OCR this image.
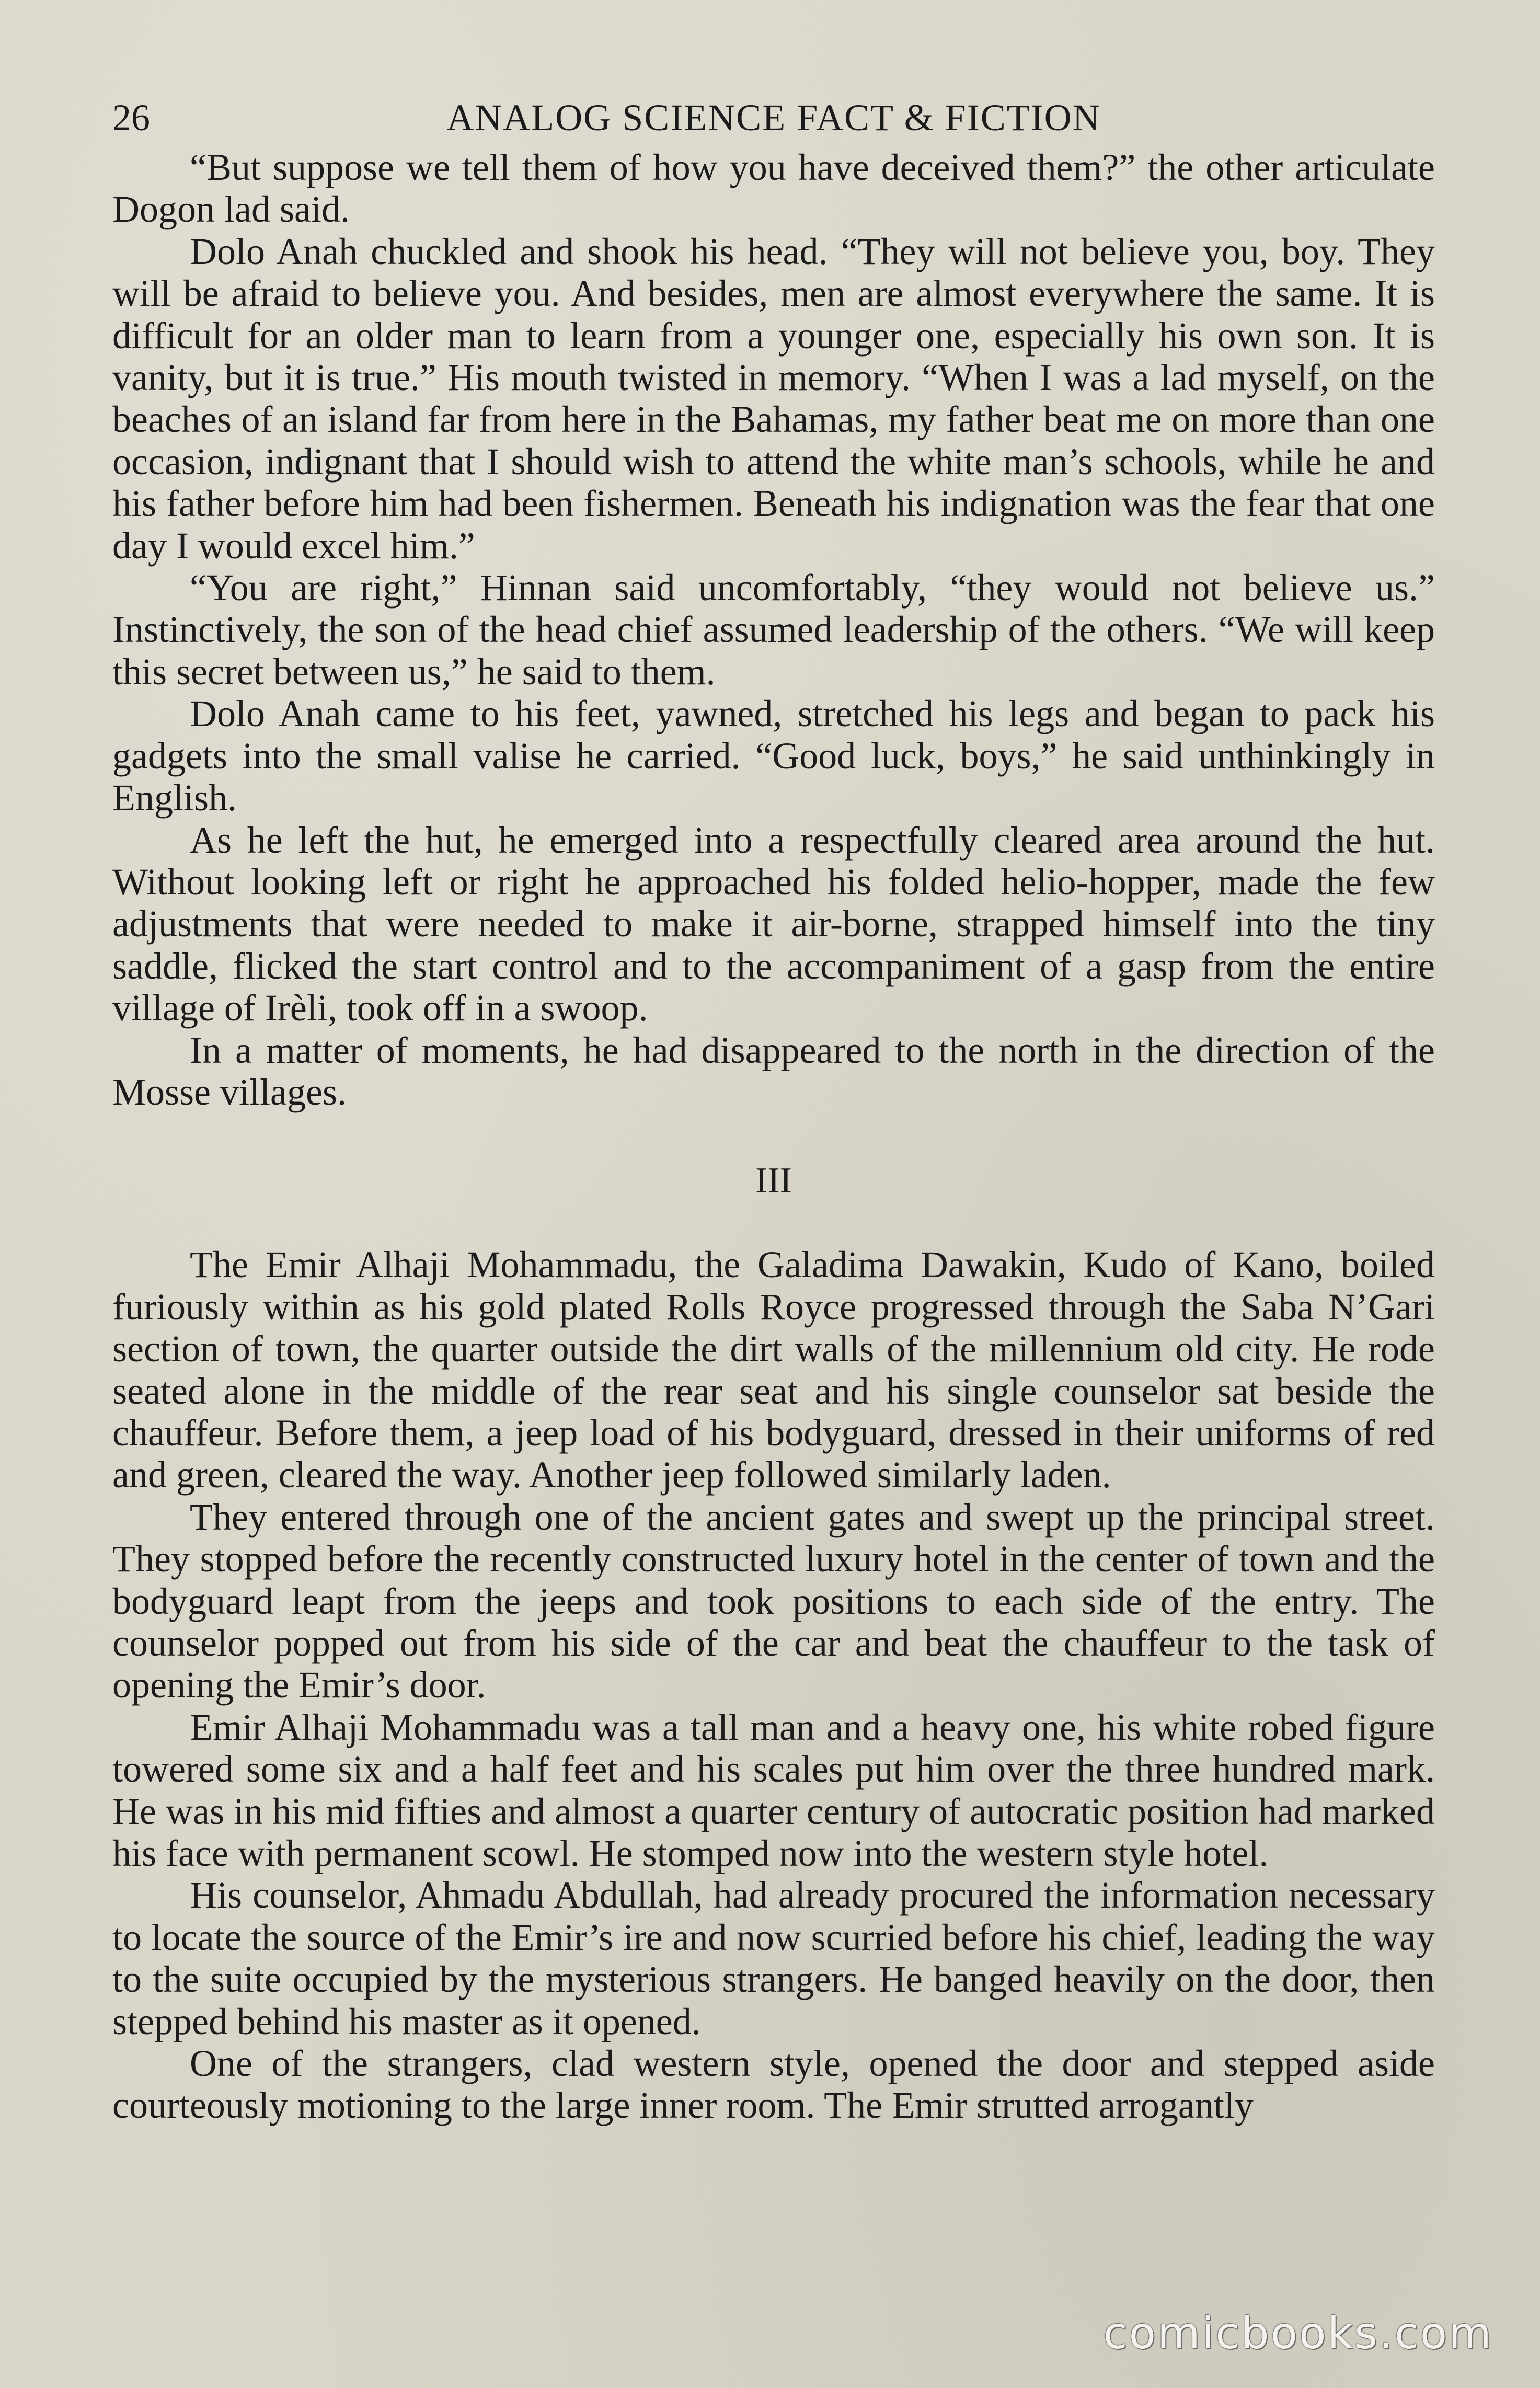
26	ANALOG SCIENCE FACT & FICTION

“But suppose we tell them of how you have deceived them?” the other articulate Dogon lad said.

Dolo Anah chuckled and shook his head. “They will not believe you, boy. They will be afraid to believe you. And besides, men are almost everywhere the same. It is difficult for an older man to learn from a younger one, especially his own son. It is vanity, but it is true.” His mouth twisted in memory. “When I was a lad myself, on the beaches of an island far from here in the Bahamas, my father beat me on more than one occasion, indignant that I should wish to attend the white man’s schools, while he and his father before him had been fishermen. Beneath his indignation was the fear that one day I would excel him.”

“You are right,” Hinnan said uncomfortably, “they would not believe us.” Instinctively, the son of the head chief assumed leadership of the others. “We will keep this secret between us,” he said to them.

Dolo Anah came to his feet, yawned, stretched his legs and began to pack his gadgets into the small valise he carried. “Good luck, boys,” he said unthinkingly in English.

As he left the hut, he emerged into a respectfully cleared area around the hut. Without looking left or right he approached his folded helio-hopper, made the few adjustments that were needed to make it air-borne, strapped himself into the tiny saddle, flicked the start control and to the accompaniment of a gasp from the entire village of Irèli, took off in a swoop.

In a matter of moments, he had disappeared to the north in the direction of the Mosse villages.

III

The Emir Alhaji Mohammadu, the Galadima Dawakin, Kudo of Kano, boiled furiously within as his gold plated Rolls Royce progressed through the Saba N’Gari section of town, the quarter outside the dirt walls of the millennium old city. He rode seated alone in the middle of the rear seat and his single counselor sat beside the chauffeur. Before them, a jeep load of his bodyguard, dressed in their uniforms of red and green, cleared the way. Another jeep followed similarly laden.

They entered through one of the ancient gates and swept up the principal street. They stopped before the recently constructed luxury hotel in the center of town and the bodyguard leapt from the jeeps and took positions to each side of the entry. The counselor popped out from his side of the car and beat the chauffeur to the task of opening the Emir’s door.

Emir Alhaji Mohammadu was a tall man and a heavy one, his white robed figure towered some six and a half feet and his scales put him over the three hundred mark. He was in his mid fifties and almost a quarter century of autocratic position had marked his face with permanent scowl. He stomped now into the western style hotel.

His counselor, Ahmadu Abdullah, had already procured the information necessary to locate the source of the Emir’s ire and now scurried before his chief, leading the way to the suite occupied by the mysterious strangers. He banged heavily on the door, then stepped behind his master as it opened.

One of the strangers, clad western style, opened the door and stepped aside courteously motioning to the large inner room. The Emir strutted arrogantly

comicbooks.com
